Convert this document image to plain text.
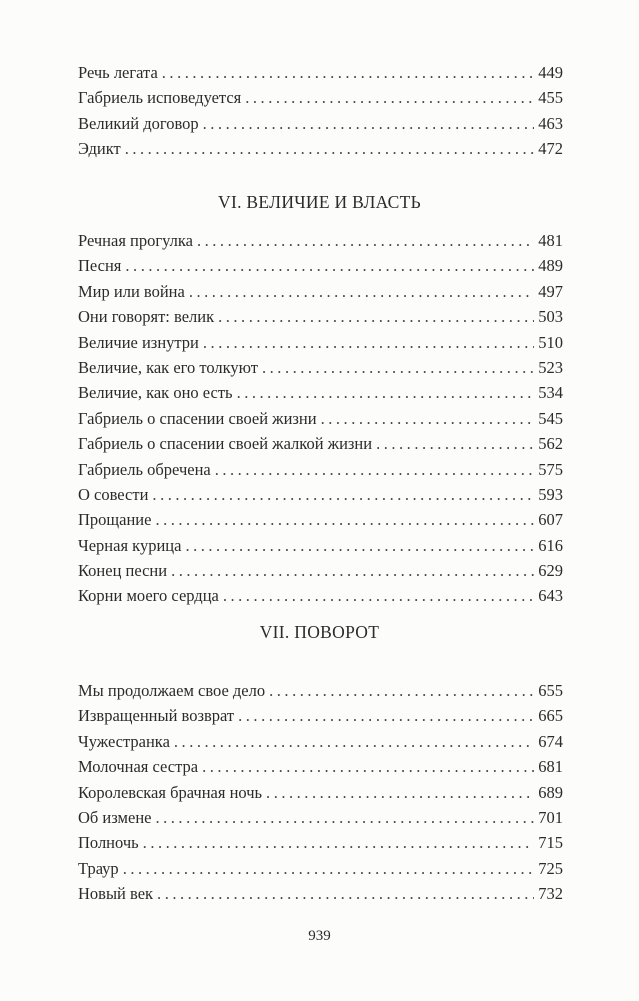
Речь легата . . .	449
Габриель исповедуется . . .	455
Великий договор . . .	463
Эдикт . . .	472
VI. ВЕЛИЧИЕ И ВЛАСТЬ
Речная прогулка . . .	481
Песня . . .	489
Мир или война . . .	497
Они говорят: велик . . .	503
Величие изнутри . . .	510
Величие, как его толкуют . . .	523
Величие, как оно есть . . .	534
Габриель о спасении своей жизни . . .	545
Габриель о спасении своей жалкой жизни . . .	562
Габриель обречена . . .	575
О совести . . .	593
Прощание . . .	607
Черная курица . . .	616
Конец песни . . .	629
Корни моего сердца . . .	643
VII. ПОВОРОТ
Мы продолжаем свое дело . . .	655
Извращенный возврат . . .	665
Чужестранка . . .	674
Молочная сестра . . .	681
Королевская брачная ночь . . .	689
Об измене . . .	701
Полночь . . .	715
Траур . . .	725
Новый век . . .	732
939
